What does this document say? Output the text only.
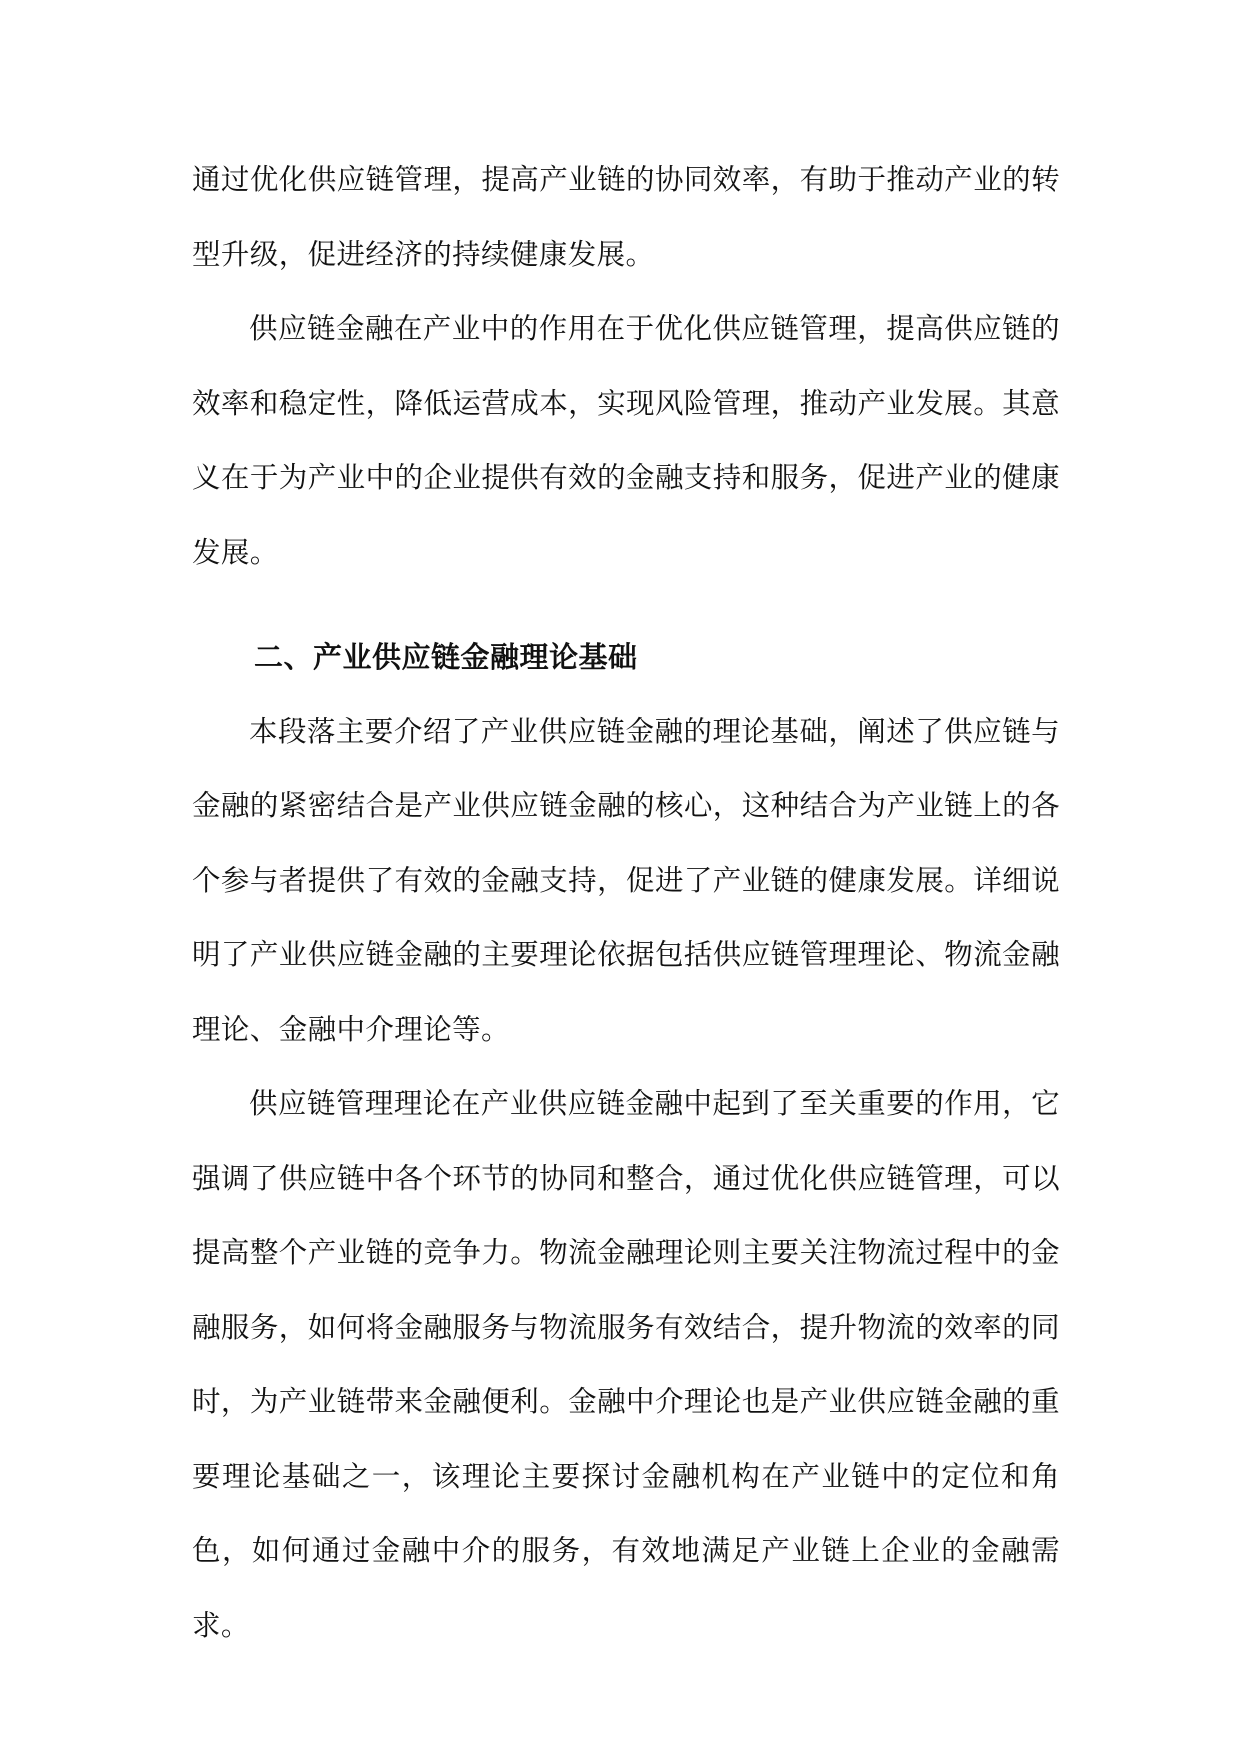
通过优化供应链管理，提高产业链的协同效率，有助于推动产业的转型升级，促进经济的持续健康发展。

供应链金融在产业中的作用在于优化供应链管理，提高供应链的效率和稳定性，降低运营成本，实现风险管理，推动产业发展。其意义在于为产业中的企业提供有效的金融支持和服务，促进产业的健康发展。

二、产业供应链金融理论基础

本段落主要介绍了产业供应链金融的理论基础，阐述了供应链与金融的紧密结合是产业供应链金融的核心，这种结合为产业链上的各个参与者提供了有效的金融支持，促进了产业链的健康发展。详细说明了产业供应链金融的主要理论依据包括供应链管理理论、物流金融理论、金融中介理论等。

供应链管理理论在产业供应链金融中起到了至关重要的作用，它强调了供应链中各个环节的协同和整合，通过优化供应链管理，可以提高整个产业链的竞争力。物流金融理论则主要关注物流过程中的金融服务，如何将金融服务与物流服务有效结合，提升物流的效率的同时，为产业链带来金融便利。金融中介理论也是产业供应链金融的重要理论基础之一，该理论主要探讨金融机构在产业链中的定位和角色，如何通过金融中介的服务，有效地满足产业链上企业的金融需求。
